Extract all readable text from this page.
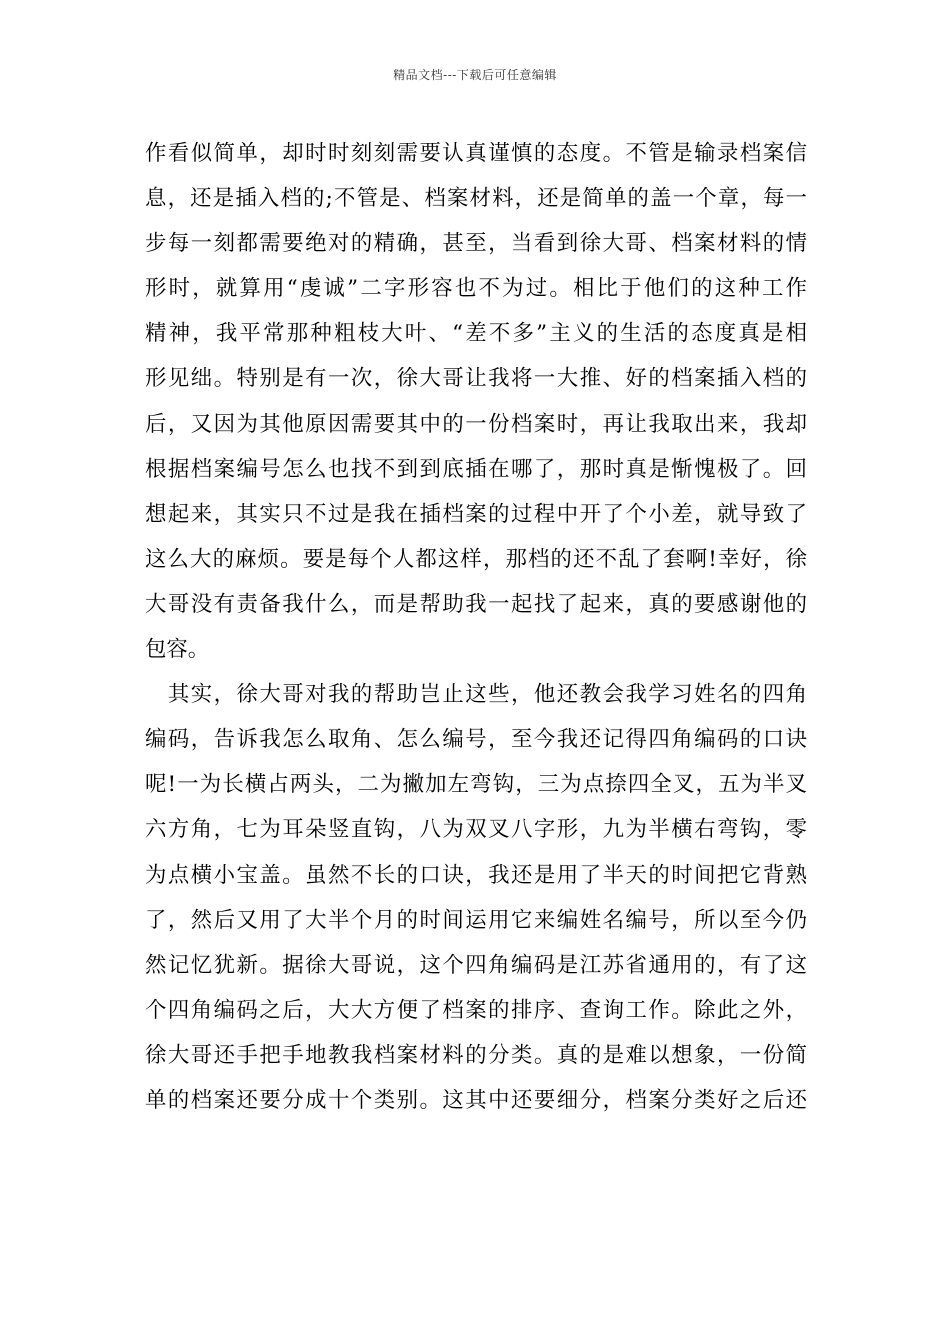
精品文档---下载后可任意编辑
作看似简单，却时时刻刻需要认真谨慎的态度。不管是输录档案信
息，还是插入档的;不管是、档案材料，还是简单的盖一个章，每一
步每一刻都需要绝对的精确，甚至，当看到徐大哥、档案材料的情
形时，就算用“虔诚”二字形容也不为过。相比于他们的这种工作
精神，我平常那种粗枝大叶、“差不多”主义的生活的态度真是相
形见绌。特别是有一次，徐大哥让我将一大推、好的档案插入档的
后，又因为其他原因需要其中的一份档案时，再让我取出来，我却
根据档案编号怎么也找不到到底插在哪了，那时真是惭愧极了。回
想起来，其实只不过是我在插档案的过程中开了个小差，就导致了
这么大的麻烦。要是每个人都这样，那档的还不乱了套啊!幸好，徐
大哥没有责备我什么，而是帮助我一起找了起来，真的要感谢他的
包容。
　其实，徐大哥对我的帮助岂止这些，他还教会我学习姓名的四角
编码，告诉我怎么取角、怎么编号，至今我还记得四角编码的口诀
呢!一为长横占两头，二为撇加左弯钩，三为点捺四全叉，五为半叉
六方角，七为耳朵竖直钩，八为双叉八字形，九为半横右弯钩，零
为点横小宝盖。虽然不长的口诀，我还是用了半天的时间把它背熟
了，然后又用了大半个月的时间运用它来编姓名编号，所以至今仍
然记忆犹新。据徐大哥说，这个四角编码是江苏省通用的，有了这
个四角编码之后，大大方便了档案的排序、查询工作。除此之外，
徐大哥还手把手地教我档案材料的分类。真的是难以想象，一份简
单的档案还要分成十个类别。这其中还要细分，档案分类好之后还
